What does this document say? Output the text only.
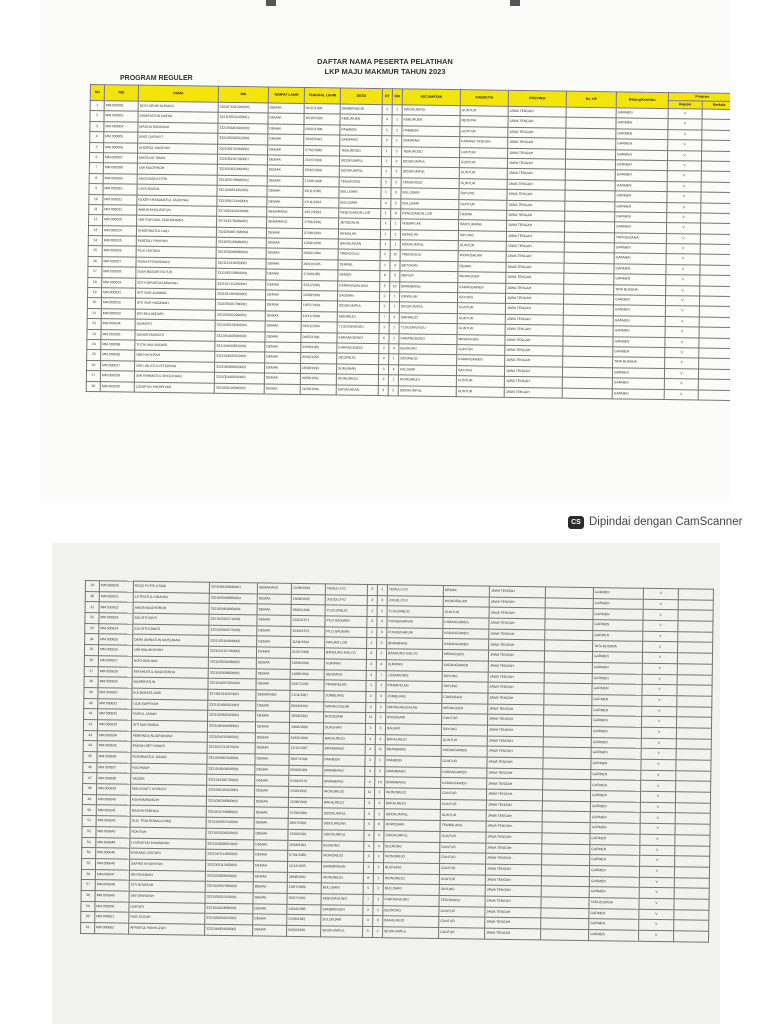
DAFTAR NAMA PESERTA PELATIHAN
LKP MAJU MAKMUR TAHUN 2023
PROGRAM REGULER
NO	NID	NAMA	NIK	TEMPAT LAHIR	TANGGAL LAHIR	DESA	RT	RW	KECAMATAN	KAB/KOTA	PROVINSI	No. HP	Bidang/Keahlian	Program	
														Reguler	Berkala
1	MM.000001	NOVI ARUM NURAINI	3321076312990002	DEMAK	02/11/1999	SAMBIRINGIN	2	2	SIDOKUMPUL	GUNTUR	JAWA TENGAH		GARMEN	V	
2	MM.000002	DAMAYATUN NAFSA	3321105511950001	DEMAK	16/10/1996	KEBURUEN	4	1	KEBURUEN	MEDUNA	JAWA TENGAH		GARMEN	V	
3	MM.000004	MASLIA SAFASIAH	3321056401900002	DEMAK	04/01/1990	PAMIBON	2	2	PAMIBON	GUNTUR	JAWA TENGAH		GARMEN	V	
4	MM.000005	ANIS QURAIYT	3321055505920003	DEMAK	15/05/1992	SAMPANG	3	2	SAMPANG	KARANG TENGAH	JAWA TENGAH		GARMEN	V	
5	MM.000006	KHOIRUL MASIYAH	3321056702890002	DEMAK	27/02/1989	TEMUROSO	1	5	TEMUROSO	GUNTUR	JAWA TENGAH		GARMEN	V	
6	MM.000007	MAZIUUS TAMIA	3321056107960007	DEMAK	21/07/1996	SIDOKUMPUL	2	3	SIDOKUMPUL	GUNTUR	JAWA TENGAH		GARMEN	V	
7	MM.000008	UMI MAGFIROH	3321054510990002	DEMAK	05/10/1999	SIDOKUMPUL	2	3	SIDOKUMPUL	GUNTUR	JAWA TENGAH		GARMEN	V	
8	MM.000009	ANGGRAINI FITRI	3321055708980002	DEMAK	17/08/1998	TEMUROSO	5	5	TEMUROSO	GUNTUR	JAWA TENGAH		GARMEN	V	
9	MM.000010	LAYA ANAIVA	3321046511950003	DEMAK	25/11/1995	BULUSARI	1	6	BULUSARI	SAYUNG	JAWA TENGAH		GARMEN	V	
10	MM.000011	NOOR KHASANATUL FAJRIYAH	3321054711940002	DEMAK	21/11/1994	BULUSARI	4	5	BULUSARI	GUNTUR	JAWA TENGAH		GARMEN	V	
11	MM.000012	AMINA KHOLIFATUN	3374016410930008	SEMARANG	14/12/1993	PENGGARON LOR	1	8	PENGGARON LOR	DEMAK	JAWA TENGAH		GARMEN	V	
12	MM.000020	UMI RUFUAUL NURJANNAH	3374115706960002	SEMARANG	17/06/1996	JETISDALIN	2	1	NGEMPLAK	BANYUMANIK	JAWA TENGAH		GARMEN	V	
13	MM.000024	KHOIRINATUL LAILI	3321054807990004	DEMAK	07/08/1999	GEMULAK	2	2	GEMULAK	SAYUNG	JAWA TENGAH		TATA BUSANA	V	
14	MM.000025	MUBTALI PANIYAH	3321055206980002	DEMAK	12/06/1998	SANGKAGAN	1	1	SIDOKUMPUL	GUNTUR	JAWA TENGAH		GARMEN	V	
15	MM.000026	PUJI LESTARI	3321056906980009	DEMAK	29/06/1984	TRENGGULI	2	10	TRENGGULI	WONOSALAM	JAWA TENGAH		GARMEN	V	
16	MM.000027	RIZKA PITHASNAINI	3321112910950002	DEMAK	29/01/1995	TEMPEL	1	4	BETOKAN	DEMAK	JAWA TENGAH		GARMEN	V	
17	MM.000028	SUMI BASURI RUTUS	3321055708860001	DEMAK	17/08/1985	SEMEN	6	3	MENUR	MRANGGEN	JAWA TENGAH		GARMEN	V	
18	MM.000029	SITI KOIRIATUN AINAYAH	3321027112950001	DEMAK	31/12/1995	KARANGWALANG	5	10	BRAMBANG	KARANGAWEN	JAWA TENGAH		TATA BUSANA	V	
19	MM.000031	SITI NUR ALBAMA	3321047005990002	DEMAK	10/08/1999	SAUMAN	2	1	GEMULAK	SAYUNG	JAWA TENGAH		GARMEN	V	
20	MM.000032	SITI NUR HASANAH	3321055907990002	DEMAK	19/07/1999	SIDOKUMPUL	2	2	SIDOKUMPUL	GUNTUR	JAWA TENGAH		GARMEN	V	
21	MM.000033	DRI MULANDARI	3321055012990002	DEMAK	10/12/1998	SARIREJO	7	3	SARIREJO	GUNTUR	JAWA TENGAH		GARMEN	V	
22	MM.000034	SUMARTI	3321045101900004	DEMAK	01/01/1990	TLOGOWUNGU	1	1	TLOGOWUNGU	GUNTUR	JAWA TENGAH		GARMEN	V	
23	MM.000035	SUNDEYANINGTI	3321054405900003	DEMAK	04/05/1990	KARANGSONO	6	2	KARANGSONO	MRANGGEN	JAWA TENGAH		GARMEN	V	
24	MM.000036	TUTIK MULANDARI	3321044208820001	DEMAK	02/08/1982	KARANGSONO	2	4	BLERONG	GUNTUR	JAWA TENGAH		GARMEN	V	
25	MM.000036	UMI KHOLIFAH	3321024505950002	DEMAK	05/05/1995	SIDOREJO	4	1	SIDOREJO	KARANGAWEN	JAWA TENGAH		TATA BUSANA	V	
26	MM.000037	UMI LAILATUL ISTIDIHAH	3321045808930002	DEMAK	18/08/1993	SUMLIMAN	3	4	KALISARI	SAYUNG	JAWA TENGAH		GARMEN	V	
27	MM.000038	UMI RAHMATUL SHOLIKHAH	3321054406920002	DEMAK	04/06/1992	WONOREJO	3	1	WONOREJO	GUNTUR	JAWA TENGAH		GARMEN	V	
28	MM.000039	LOHATUN KHOIRIYAH	3321056109940002	DEMAK	21/09/1994	SANGKAGAN	3	2	SIDOKUMPUL	GUNTUR	JAWA TENGAH		GARMEN	V	
CS Dipindai dengan CamScanner
29	MM.000620	RIZQI FUTRI UTAMI	3374096208940001	SEMARANG	22/08/1994	TEMULUYO	5	2	TEMULUYO	DEMAK	JAWA TENGAH		GARMEN	V	
30	MM.000621	LUTFIATUL HIDAYAH	3321065908950004	DEMAK	19/08/1995	JOGOLOYO	4	3	JOGOLOYO	WONOSALAM	JAWA TENGAH		GARMEN	V	
31	MM.000622	ANISA MAGHFIROH	3321054606960001	DEMAK	06/06/1996	TLOGOREJO	1	2	TLOGOREJO	GUNTUR	JAWA TENGAH		GARMEN	V	
32	MM.000623	SULISTIYANTI	3321025202710001	DEMAK	12/02/1971	PILO BAUMAN	3	9	PUNGENARUM	KARANGAWEN	JAWA TENGAH		GARMEN	V	
33	MM.000624	SULISTIYOWATI	3321025509730001	DEMAK	15/09/1973	PILO BAUMAN	2	9	PUNGENARUM	KARANGAWEN	JAWA TENGAH		GARMEN	V	
34	MM.000625	DEWI AMINATUN MUSLIMAH	3321025104940002	DEMAK	11/04/1994	PANJAN LOR	1	5	BRAMBANG	KARANGAWEN	JAWA TENGAH		TATA BUSANA	V	
35	MM.000626	UMI MALAKHIYAH	3321024107960002	DEMAK	01/07/1996	BANDUNG MULYO	6	2	BANDUNG MULYO	MRANGGEN	JAWA TENGAH		GARMEN	V	
36	MM.000627	NOVI AMILIANI	3321035006960002	DEMAK	10/06/1996	KURIPAN	3	4	KURIPAN	KARANGAWEN	JAWA TENGAH		GARMEN	V	
37	MM.000628	FATKHIATUL MAGHFIROH	3321045608990001	DEMAK	16/08/1999	SENDANG	3	7	LOSARIORIS	SAYUNG	JAWA TENGAH		GARMEN	V	
38	MM.000629	MASRIFATUN	3321044207950004	DEMAK	02/07/1995	PRAMPELAN	1	1	PRAMPELAN	SAYUNG	JAWA TENGAH		GARMEN	V	
39	MM.000630	IKA MONITA SARI	3374016111870003	SEMARANG	21/11/1987	JOMBLANG	2	3	JOMBLANG	CANDISARI	JAWA TENGAH		GARMEN	V	
40	MM.000631	LIDA SAFRIYAH	3321024606910001	DEMAK	06/06/1991	WIRINGGALAN	2	2	WIRINGINGGALAN	MRANGGEN	JAWA TENGAH		GARMEN	V	
41	MM.000632	NURUL JANAH	3321025805920001	DEMAK	18/05/1992	BOGOSARI	11	2	BOGOSARI	GUNTUR	JAWA TENGAH		GARMEN	V	
42	MM.000633	SITI MACHMIDA	3321046406890001	DEMAK	24/06/1989	SUKUHAN	3	3	BALIARI	SAYUNG	JAWA TENGAH		GARMEN	V	
43	MM.000634	FEBRINDA NUGROHOWI	3321054202960002	DEMAK	02/02/1996	BAKALREJO	4	3	BAKALREJO	GUNTUR	JAWA TENGAH		GARMEN	V	
44	MM.000635	ENDAH SETYOWATI	3321021212870004	DEMAK	12/12/1987	BRAMBANG	4	11	BRAMBANG	KARANGAWEN	JAWA TENGAH		GARMEN	V	
45	MM.000636	ROKHIMATUL JANAH	3321056807940001	DEMAK	28/07/1994	PAMIBON	3	1	PAMIBON	GUNTUR	JAWA TENGAH		GARMEN	V	
46	MM.000637	RACHMAH	3321024506840001	DEMAK	05/06/1984	BRAMBANG	3	5	BRAMBANG	KARANGAWEN	JAWA TENGAH		GARMEN	V	
47	MM.000638	YASSRI	3321024106700002	DEMAK	01/06/1970	BRAMBANG	4	10	BRAMBANG	KARANGAWEN	JAWA TENGAH		GARMEN	V	
48	MM.000639	MAULIDATY KHOLISY	3321056105920001	DEMAK	21/05/1992	WONOREJO	11	1	WONOREJO	GUNTUR	JAWA TENGAH		GARMEN	V	
49	MM.000640	MUHAIMIMAKOH	3321056208900002	DEMAK	22/08/1990	BAKALREJO	6	3	BAKALREJO	GUNTUR	JAWA TENGAH		GARMEN	V	
50	MM.000641	RAGHA FADHILA	3321054709890003	DEMAK	07/09/1989	SIDOKUMPUL	5	2	SIDOKUMPUL	GUNTUR	JAWA TENGAH		GARMEN	V	
51	MM.000642	DULI TRIA ROHALA NIKE	3374106807010009	DEMAK	28/07/2001	SIDOLANGAN	5	8	ROWOSARI	TEMBALANG	JAWA TENGAH		GARMEN	V	
52	MM.000643	ROKIYAH	3321055206920003	DEMAK	12/06/1992	SIDOKUMPUL	4	3	SIDOKUMPUL	GUNTUR	JAWA TENGAH		GARMEN	V	
53	MM.000644	LIYANATUN KHASANAH	3321026008910002	DEMAK	20/08/1991	BLERONG	4	4	BLERONG	GUNTUR	JAWA TENGAH		GARMEN	V	
54	MM.000645	ENDANG LESTARI	3321047012890003	DEMAK	07/01/1989	WONOREJO	3	1	WONOREJO	GUNTUR	JAWA TENGAH		GARMEN	V	
55	MM.000646	SAFRIA KHOIRIYAH	3321055112950003	DEMAK	11/12/1995	SAMBIRINGIN	3	2	BLERONG	GUNTUR	JAWA TENGAH		GARMEN	V	
56	MM.000647	SRI ROSIDAH	3321056808920002	DEMAK	28/08/1992	WONOREJO	8	1	WONOREJO	GUNTUR	JAWA TENGAH		GARMEN	V	
57	MM.000648	SITI NGAISAH	3321045007890009	DEMAK	10/07/1989	BULUSARI	5	2	BULUSARI	SAYUNG	JAWA TENGAH		GARMEN	V	
58	MM.000649	UMI SIKROIAH	3321056507920001	DEMAK	05/07/1992	KEBONAGUNG	7	1	KABONAGUNG	TEGOWANU	JAWA TENGAH		TATA BUSANA	V	
59	MM.000650	LIMIYATI	3321044104980001	DEMAK	14/04/1998	SAMBIRINGIN	2	1	BLERONG	GUNTUR	JAWA TENGAH		GARMEN	V	
60	MM.000651	NUR AZIZAH	3321056106920002	DEMAK	21/06/1992	SULONJARI	3	6	BAKALREJO	GUNTUR	JAWA TENGAH		GARMEN	V	
61	MM.000652	AFRIATUL FAKHLIZAH	3221044804900002	DEMAK	04/04/1990	SIDOKUMPUL	3	2	SIDOKUMPUL	GUNTUR	JAWA TENGAH		GARMEN	V	
